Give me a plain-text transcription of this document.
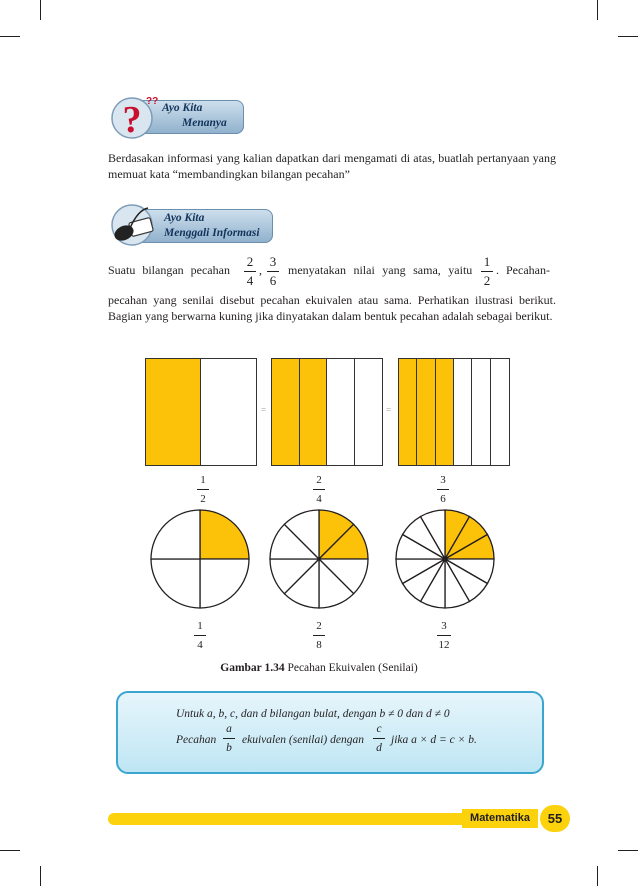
? ??
Ayo Kita
Menanya
Berdasakan informasi yang kalian dapatkan dari mengamati di atas, buatlah pertanyaan yang memuat kata “membandingkan bilangan pecahan”
Ayo Kita
Menggali Informasi
Suatu bilangan pecahan
2
4
,
3
6
menyatakan nilai yang sama, yaitu
1
2
. Pecahan-
pecahan yang senilai disebut pecahan ekuivalen atau sama. Perhatikan ilustrasi berikut. Bagian yang berwarna kuning jika dinyatakan dalam bentuk pecahan adalah sebagai berikut.
=	=
1
2
2
4
3
6
1
4
2
8
3
12
Gambar 1.34 Pecahan Ekuivalen (Senilai)
Untuk a, b, c, dan d bilangan bulat, dengan b ≠ 0 dan d ≠ 0
Pecahan
a
b
ekuivalen (senilai) dengan
c
d
jika a × d = c × b.
Matematika	55
